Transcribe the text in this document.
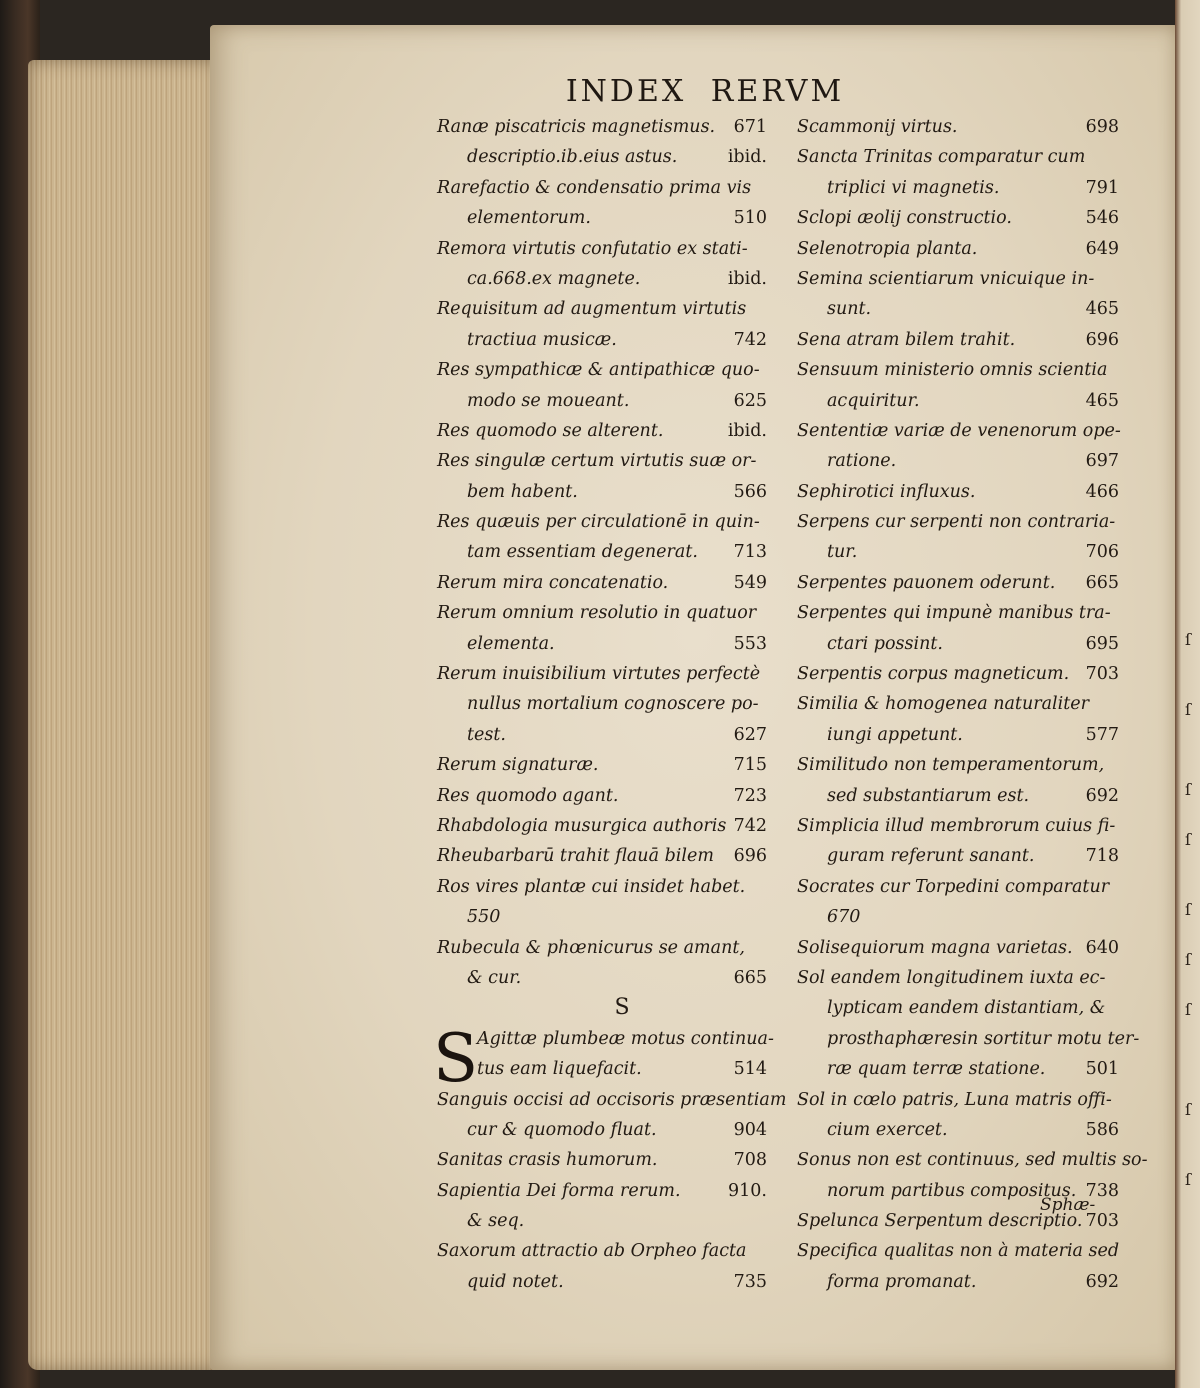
ſ
ſ
ſ
ſ
ſ
ſ
ſ
ſ
ſ
INDEX RERVM
Ranæ piscatricis magnetismus. 671
descriptio.ib.eius astus.	ibid.
Rarefactio & condensatio prima vis
elementorum.	510
Remora virtutis confutatio ex stati-
ca.668.ex magnete.	ibid.
Requisitum ad augmentum virtutis
tractiua musicæ.	742
Res sympathicæ & antipathicæ quo-
modo se moueant.	625
Res quomodo se alterent.	ibid.
Res singulæ certum virtutis suæ or-
bem habent.	566
Res quæuis per circulationē in quin-
tam essentiam degenerat. 713
Rerum mira concatenatio.	549
Rerum omnium resolutio in quatuor
elementa.	553
Rerum inuisibilium virtutes perfectè
nullus mortalium cognoscere po-
test.	627
Rerum signaturæ.	715
Res quomodo agant.	723
Rhabdologia musurgica authoris 742
Rheubarbarū trahit flauā bilem 696
Ros vires plantæ cui insidet habet.
550
Rubecula & phœnicurus se amant,
& cur.	665
S
S
Agittæ plumbeæ motus continua-
tus eam liquefacit.	514
Sanguis occisi ad occisoris præsentiam
cur & quomodo fluat.	904
Sanitas crasis humorum.	708
Sapientia Dei forma rerum.	910.
& seq.
Saxorum attractio ab Orpheo facta
quid notet.	735
Scammonij virtus.	698
Sancta Trinitas comparatur cum
triplici vi magnetis.	791
Sclopi æolij constructio.	546
Selenotropia planta.	649
Semina scientiarum vnicuique in-
sunt.	465
Sena atram bilem trahit.	696
Sensuum ministerio omnis scientia
acquiritur.	465
Sententiæ variæ de venenorum ope-
ratione.	697
Sephirotici influxus.	466
Serpens cur serpenti non contraria-
tur.	706
Serpentes pauonem oderunt. 665
Serpentes qui impunè manibus tra-
ctari possint.	695
Serpentis corpus magneticum. 703
Similia & homogenea naturaliter
iungi appetunt.	577
Similitudo non temperamentorum,
sed substantiarum est.	692
Simplicia illud membrorum cuius fi-
guram referunt sanant.	718
Socrates cur Torpedini comparatur
670
Solisequiorum magna varietas. 640
Sol eandem longitudinem iuxta ec-
lypticam eandem distantiam, &
prosthaphæresin sortitur motu ter-
ræ quam terræ statione. 501
Sol in cœlo patris, Luna matris offi-
cium exercet.	586
Sonus non est continuus, sed multis so-
norum partibus compositus. 738
Spelunca Serpentum descriptio. 703
Specifica qualitas non à materia sed
forma promanat.	692
Sphæ-
